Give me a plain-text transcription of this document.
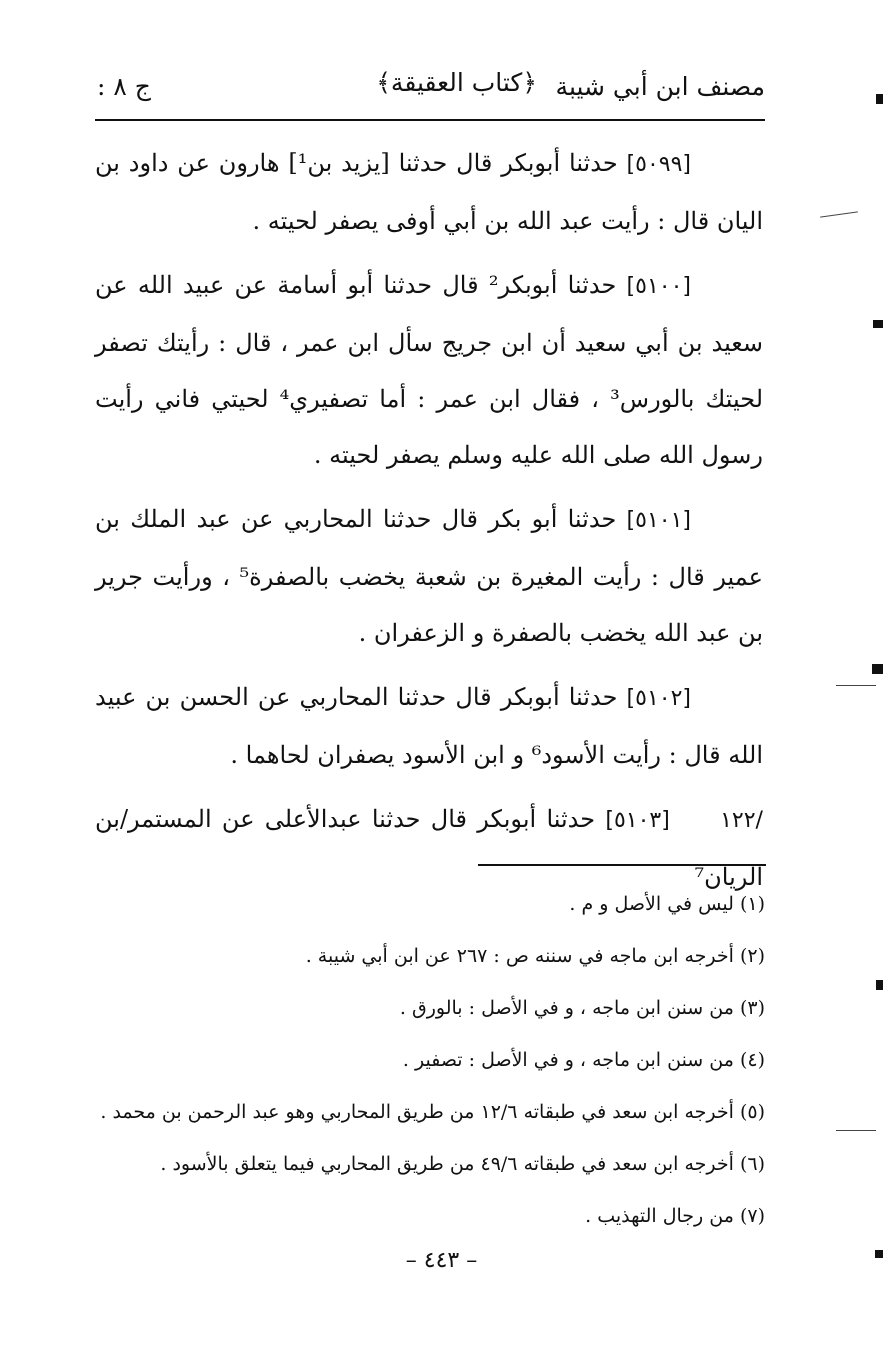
مصنف ابن أبي شيبة
﴿كتاب العقيقة﴾
ج ٨ :

[٥٠٩٩] حدثنا أبوبكر قال حدثنا [يزيد بن¹] هارون عن داود بن الیان قال : رأيت عبد الله بن أبي أوفى يصفر لحيته .

[٥١٠٠] حدثنا أبوبكر² قال حدثنا أبو أسامة عن عبيد الله عن سعيد بن أبي سعيد أن ابن جريج سأل ابن عمر ، قال : رأيتك تصفر لحيتك بالورس³ ، فقال ابن عمر : أما تصفيري⁴ لحيتي فاني رأيت رسول الله صلى الله عليه وسلم يصفر لحيته .

[٥١٠١] حدثنا أبو بكر قال حدثنا المحاربي عن عبد الملك بن عمير قال : رأيت المغيرة بن شعبة يخضب بالصفرة⁵ ، ورأيت جرير بن عبد الله يخضب بالصفرة و الزعفران .

[٥١٠٢] حدثنا أبوبكر قال حدثنا المحاربي عن الحسن بن عبيد الله قال : رأيت الأسود⁶ و ابن الأسود يصفران لحاهما .

/١٢٢ [٥١٠٣] حدثنا أبوبكر قال حدثنا عبدالأعلى عن المستمر/بن الريان⁷

(١) ليس في الأصل و م .
(٢) أخرجه ابن ماجه في سننه ص : ٢٦٧ عن ابن أبي شيبة .
(٣) من سنن ابن ماجه ، و في الأصل : بالورق .
(٤) من سنن ابن ماجه ، و في الأصل : تصفير .
(٥) أخرجه ابن سعد في طبقاته ١٢/٦ من طريق المحاربي وهو عبد الرحمن بن محمد .
(٦) أخرجه ابن سعد في طبقاته ٤٩/٦ من طريق المحاربي فيما يتعلق بالأسود .
(٧) من رجال التهذيب .
– ٤٤٣ –
